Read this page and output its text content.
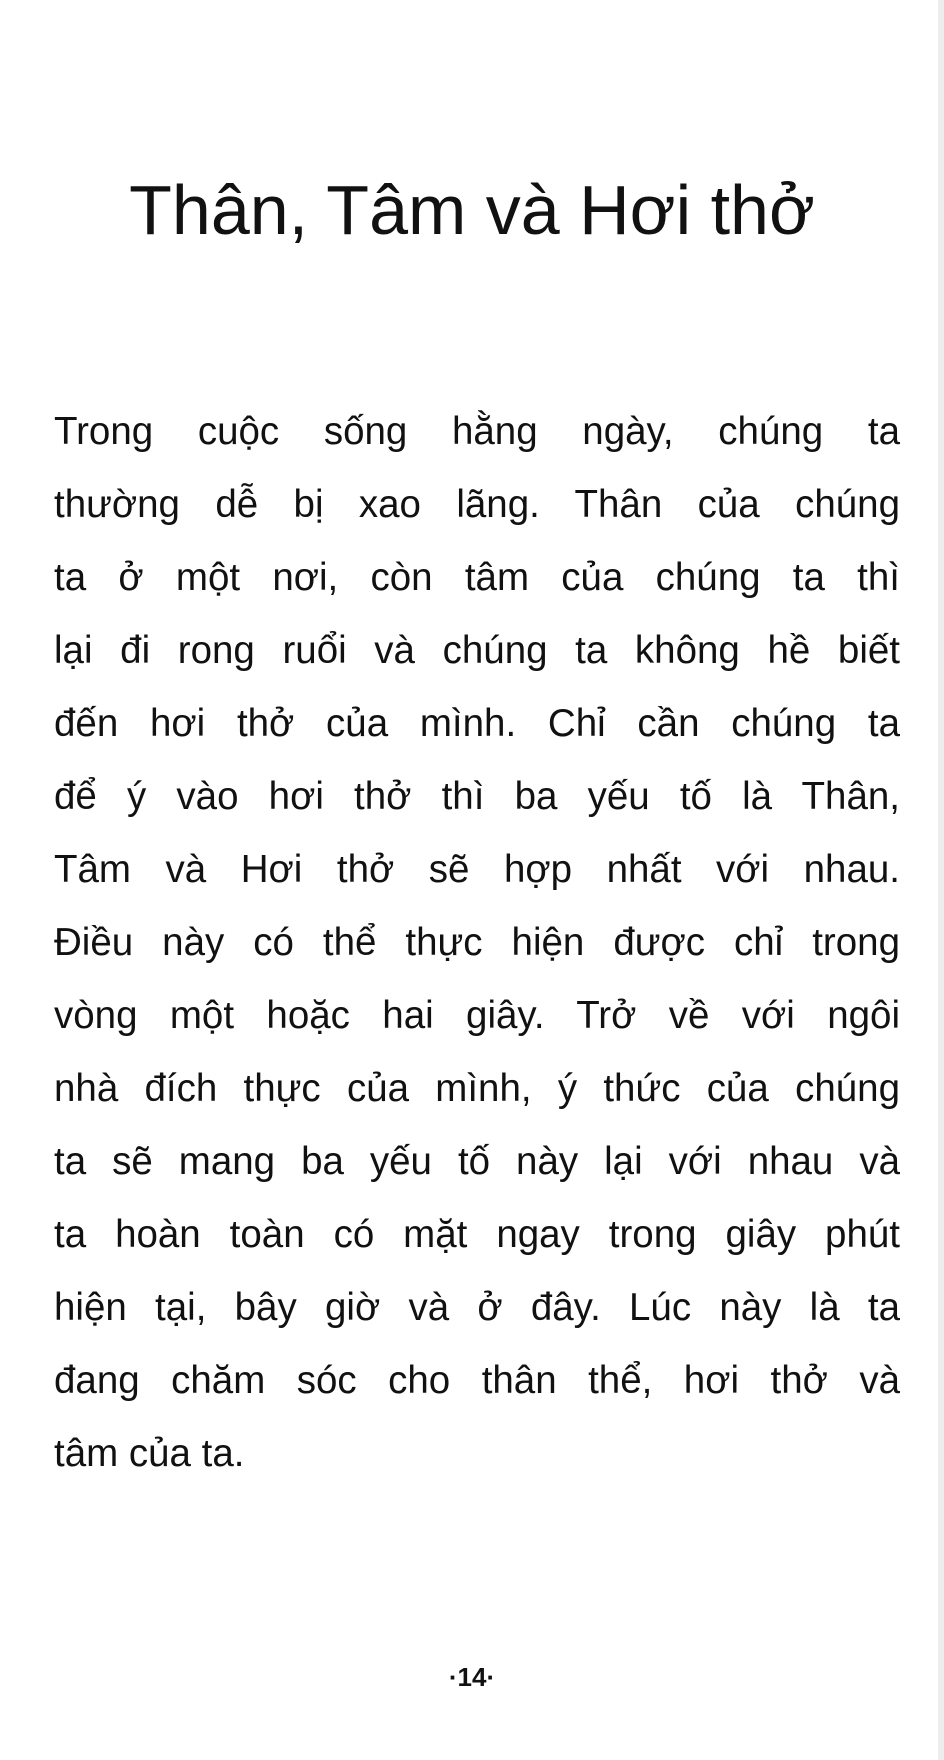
Thân, Tâm và Hơi thở
Trong cuộc sống hằng ngày, chúng ta
thường dễ bị xao lãng. Thân của chúng
ta ở một nơi, còn tâm của chúng ta thì
lại đi rong ruổi và chúng ta không hề biết
đến hơi thở của mình. Chỉ cần chúng ta
để ý vào hơi thở thì ba yếu tố là Thân,
Tâm và Hơi thở sẽ hợp nhất với nhau.
Điều này có thể thực hiện được chỉ trong
vòng một hoặc hai giây. Trở về với ngôi
nhà đích thực của mình, ý thức của chúng
ta sẽ mang ba yếu tố này lại với nhau và
ta hoàn toàn có mặt ngay trong giây phút
hiện tại, bây giờ và ở đây. Lúc này là ta
đang chăm sóc cho thân thể, hơi thở và
tâm của ta.
·14·
